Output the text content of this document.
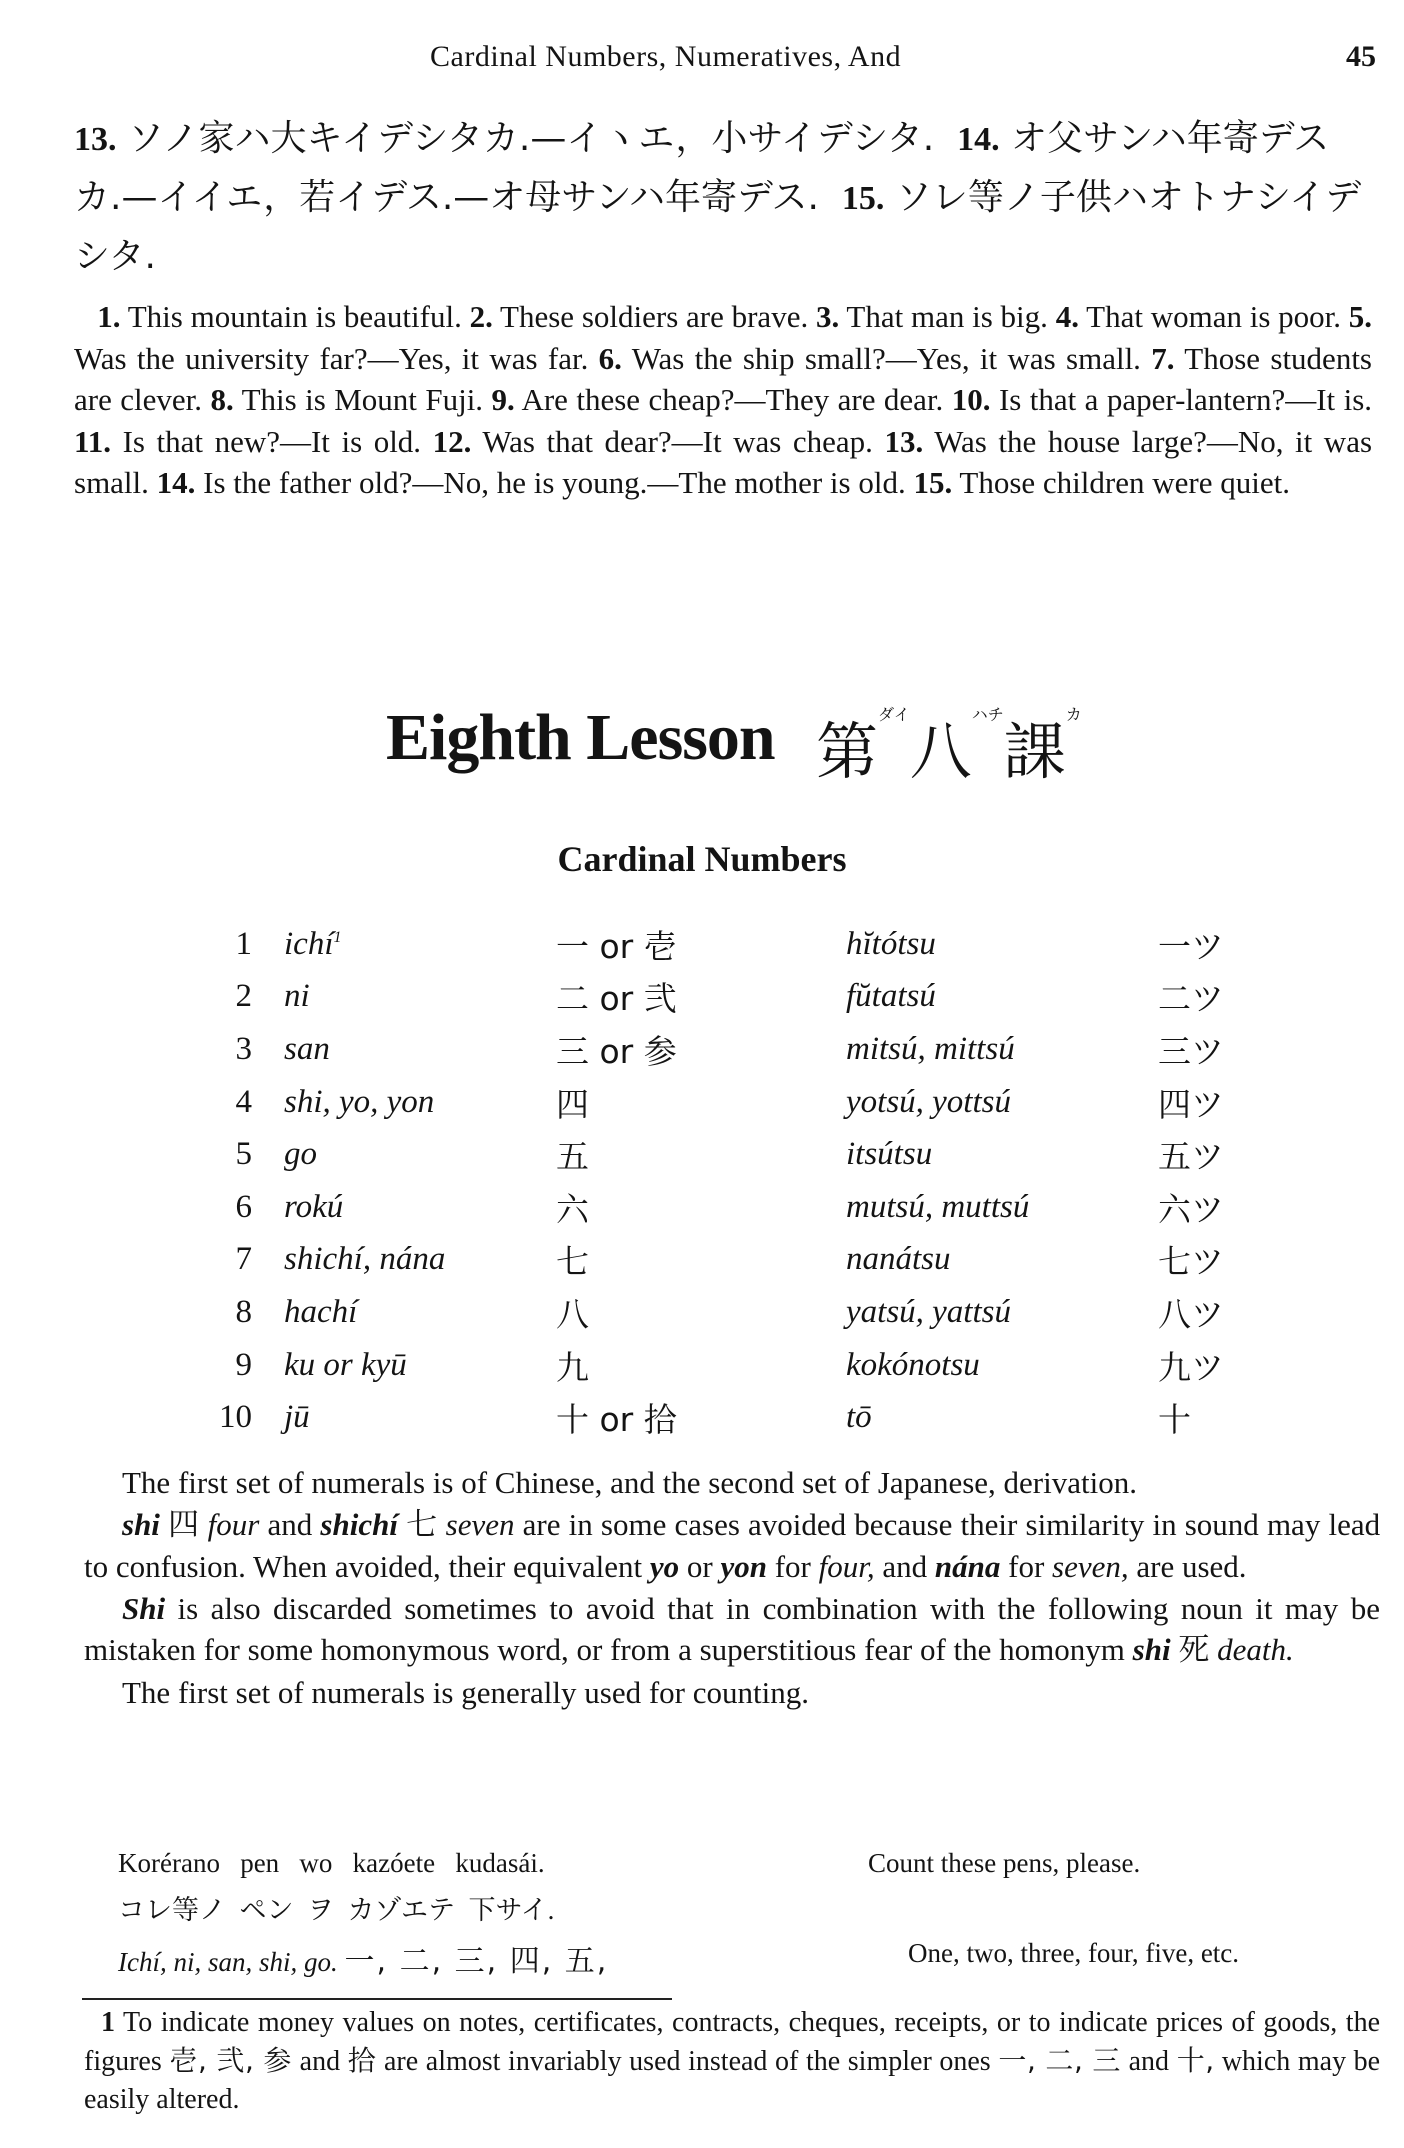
Cardinal Numbers, Numeratives, And	45
13. ソノ家ハ大キイデシタカ.—イヽエ，小サイデシタ. 14. オ父サンハ年寄デスカ.—イイエ，若イデス.—オ母サンハ年寄デス. 15. ソレ等ノ子供ハオトナシイデシタ.
1. This mountain is beautiful. 2. These soldiers are brave. 3. That man is big. 4. That woman is poor. 5. Was the university far?—Yes, it was far. 6. Was the ship small?—Yes, it was small. 7. Those students are clever. 8. This is Mount Fuji. 9. Are these cheap?—They are dear. 10. Is that a paper-lantern?—It is. 11. Is that new?—It is old. 12. Was that dear?—It was cheap. 13. Was the house large?—No, it was small. 14. Is the father old?—No, he is young.—The mother is old. 15. Those children were quiet.
Eighth Lesson 第$^{ダイ}$八$^{ハチ}$課$^カ$
Cardinal Numbers
1	ichí$^1$	一 or 壱	hĭtótsu	一ツ
2	ni	二 or 弐	fŭtatsú	二ツ
3	san	三 or 参	mitsú, mittsú	三ツ
4	shi, yo, yon	四	yotsú, yottsú	四ツ
5	go	五	itsútsu	五ツ
6	rokú	六	mutsú, muttsú	六ツ
7	shichí, nána	七	nanátsu	七ツ
8	hachí	八	yatsú, yattsú	八ツ
9	ku or kyū	九	kokónotsu	九ツ
10	jū	十 or 拾	tō	十

The first set of numerals is of Chinese, and the second set of Japanese, derivation.

shi 四 four and shichí 七 seven are in some cases avoided because their similarity in sound may lead to confusion. When avoided, their equivalent yo or yon for four, and nána for seven, are used.

Shi is also discarded sometimes to avoid that in combination with the following noun it may be mistaken for some homonymous word, or from a superstitious fear of the homonym shi 死 death.

The first set of numerals is generally used for counting.

Korérano   pen   wo   kazóete   kudasái.	Count these pens, please.
コレ等ノ  ペン  ヲ  カゾエテ  下サイ.
Ichí, ni, san, shi, go. 一, 二, 三, 四, 五,	One, two, three, four, five, etc.
1 To indicate money values on notes, certificates, contracts, cheques, receipts, or to indicate prices of goods, the figures 壱, 弐, 参 and 拾 are almost invariably used instead of the simpler ones 一, 二, 三 and 十, which may be easily altered.
